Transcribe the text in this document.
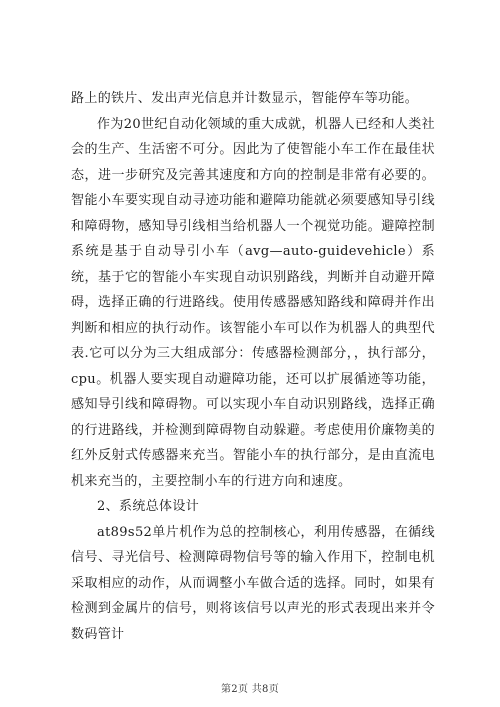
路上的铁片、发出声光信息并计数显示，智能停车等功能。

作为20世纪自动化领域的重大成就，机器人已经和人类社会的生产、生活密不可分。因此为了使智能小车工作在最佳状态，进一步研究及完善其速度和方向的控制是非常有必要的。智能小车要实现自动寻迹功能和避障功能就必须要感知导引线和障碍物，感知导引线相当给机器人一个视觉功能。避障控制系统是基于自动导引小车（avg—auto-guidevehicle）系统，基于它的智能小车实现自动识别路线，判断并自动避开障碍，选择正确的行进路线。使用传感器感知路线和障碍并作出判断和相应的执行动作。该智能小车可以作为机器人的典型代表.它可以分为三大组成部分：传感器检测部分，，执行部分，cpu。机器人要实现自动避障功能，还可以扩展循迹等功能，感知导引线和障碍物。可以实现小车自动识别路线，选择正确的行进路线，并检测到障碍物自动躲避。考虑使用价廉物美的红外反射式传感器来充当。智能小车的执行部分，是由直流电机来充当的，主要控制小车的行进方向和速度。

2、系统总体设计

at89s52单片机作为总的控制核心，利用传感器，在循线信号、寻光信号、检测障碍物信号等的输入作用下，控制电机采取相应的动作，从而调整小车做合适的选择。同时，如果有检测到金属片的信号，则将该信号以声光的形式表现出来并令数码管计

第2页 共8页
